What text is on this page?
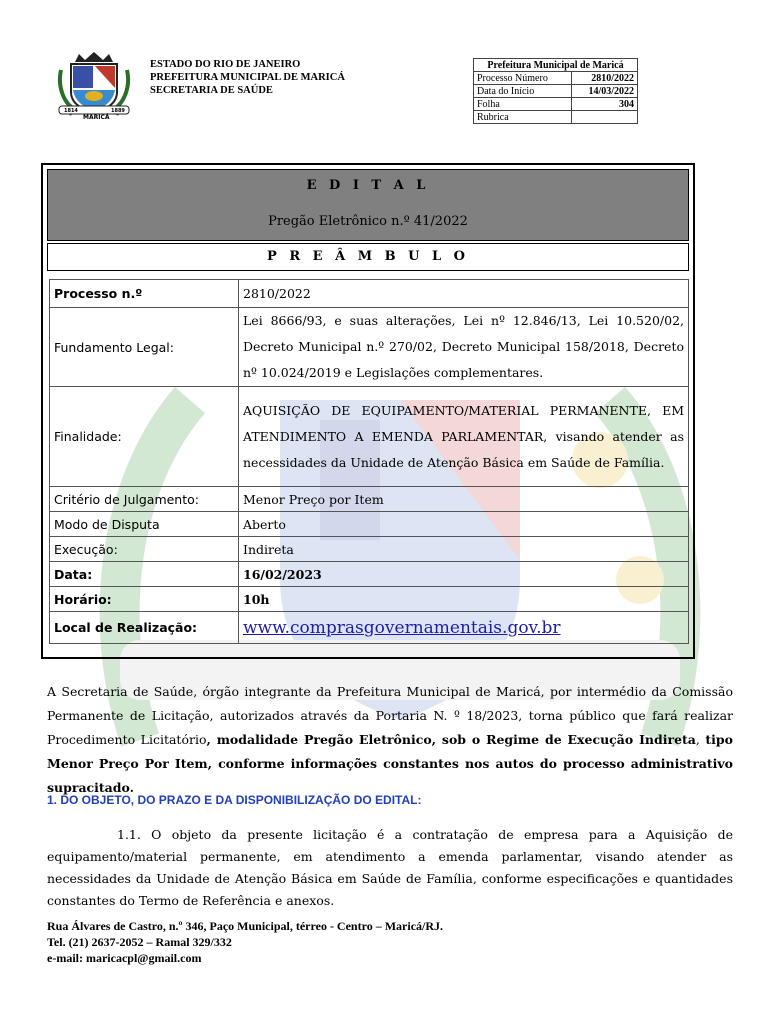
1814	1889
MARICÁ
ESTADO DO RIO DE JANEIRO
PREFEITURA MUNICIPAL DE MARICÁ
SECRETARIA DE SAÚDE
Prefeitura Municipal de Maricá	
Processo Número	2810/2022
Data do Início	14/03/2022
Folha	304
Rubrica	
E D I T A L
Pregão Eletrônico n.º 41/2022
P R E Â M B U L O
Processo n.º	2810/2022
Fundamento Legal:	Lei 8666/93, e suas alterações, Lei nº 12.846/13, Lei 10.520/02, Decreto Municipal n.º 270/02, Decreto Municipal 158/2018, Decreto nº 10.024/2019 e Legislações complementares.
Finalidade:	AQUISIÇÃO DE EQUIPAMENTO/MATERIAL PERMANENTE, EM ATENDIMENTO A EMENDA PARLAMENTAR, visando atender as necessidades da Unidade de Atenção Básica em Saúde de Família.
Critério de Julgamento:	Menor Preço por Item
Modo de Disputa	Aberto
Execução:	Indireta
Data:	16/02/2023
Horário:	10h
Local de Realização:	www.comprasgovernamentais.gov.br
A Secretaria de Saúde, órgão integrante da Prefeitura Municipal de Maricá, por intermédio da Comissão Permanente de Licitação, autorizados através da Portaria N. º 18/2023, torna público que fará realizar Procedimento Licitatório, modalidade Pregão Eletrônico, sob o Regime de Execução Indireta, tipo Menor Preço Por Item, conforme informações constantes nos autos do processo administrativo supracitado.
1. DO OBJETO, DO PRAZO E DA DISPONIBILIZAÇÃO DO EDITAL:
1.1. O objeto da presente licitação é a contratação de empresa para a Aquisição de equipamento/material permanente, em atendimento a emenda parlamentar, visando atender as necessidades da Unidade de Atenção Básica em Saúde de Família, conforme especificações e quantidades constantes do Termo de Referência e anexos.
Rua Álvares de Castro, n.º 346, Paço Municipal, térreo - Centro – Maricá/RJ.
Tel. (21) 2637-2052 – Ramal 329/332
e-mail: maricacpl@gmail.com
